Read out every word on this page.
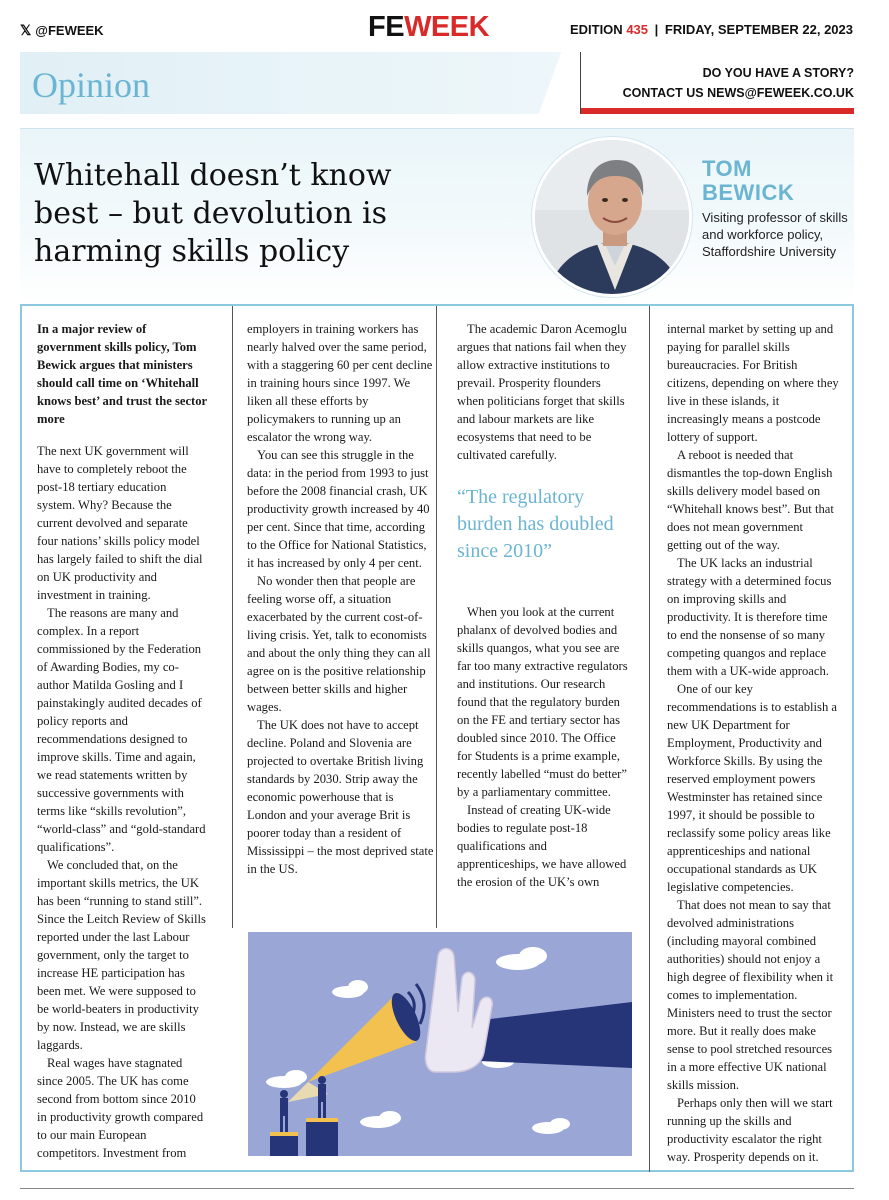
𝕏 @FEWEEK	FEWEEK	EDITION 435 | FRIDAY, SEPTEMBER 22, 2023
Opinion	DO YOU HAVE A STORY?
CONTACT US NEWS@FEWEEK.CO.UK
Whitehall doesn’t know best – but devolution is harming skills policy
TOM
BEWICK
Visiting professor of skills and workforce policy, Staffordshire University

In a major review of government skills policy, Tom Bewick argues that ministers should call time on ‘Whitehall knows best’ and trust the sector more

The next UK government will have to completely reboot the post-18 tertiary education system. Why? Because the current devolved and separate four nations’ skills policy model has largely failed to shift the dial on UK productivity and investment in training.

The reasons are many and complex. In a report commissioned by the Federation of Awarding Bodies, my co-author Matilda Gosling and I painstakingly audited decades of policy reports and recommendations designed to improve skills. Time and again, we read statements written by successive governments with terms like “skills revolution”, “world-class” and “gold-standard qualifications”.

We concluded that, on the important skills metrics, the UK has been “running to stand still”. Since the Leitch Review of Skills reported under the last Labour government, only the target to increase HE participation has been met. We were supposed to be world-beaters in productivity by now. Instead, we are skills laggards.

Real wages have stagnated since 2005. The UK has come second from bottom since 2010 in productivity growth compared to our main European competitors. Investment from

employers in training workers has nearly halved over the same period, with a staggering 60 per cent decline in training hours since 1997. We liken all these efforts by policymakers to running up an escalator the wrong way.

You can see this struggle in the data: in the period from 1993 to just before the 2008 financial crash, UK productivity growth increased by 40 per cent. Since that time, according to the Office for National Statistics, it has increased by only 4 per cent.

No wonder then that people are feeling worse off, a situation exacerbated by the current cost-of-living crisis. Yet, talk to economists and about the only thing they can all agree on is the positive relationship between better skills and higher wages.

The UK does not have to accept decline. Poland and Slovenia are projected to overtake British living standards by 2030. Strip away the economic powerhouse that is London and your average Brit is poorer today than a resident of Mississippi – the most deprived state in the US.

The academic Daron Acemoglu argues that nations fail when they allow extractive institutions to prevail. Prosperity flounders when politicians forget that skills and labour markets are like ecosystems that need to be cultivated carefully.

“The regulatory burden has doubled since 2010”

When you look at the current phalanx of devolved bodies and skills quangos, what you see are far too many extractive regulators and institutions. Our research found that the regulatory burden on the FE and tertiary sector has doubled since 2010. The Office for Students is a prime example, recently labelled “must do better” by a parliamentary committee.

Instead of creating UK-wide bodies to regulate post-18 qualifications and apprenticeships, we have allowed the erosion of the UK’s own

internal market by setting up and paying for parallel skills bureaucracies. For British citizens, depending on where they live in these islands, it increasingly means a postcode lottery of support.

A reboot is needed that dismantles the top-down English skills delivery model based on “Whitehall knows best”. But that does not mean government getting out of the way.

The UK lacks an industrial strategy with a determined focus on improving skills and productivity. It is therefore time to end the nonsense of so many competing quangos and replace them with a UK-wide approach.

One of our key recommendations is to establish a new UK Department for Employment, Productivity and Workforce Skills. By using the reserved employment powers Westminster has retained since 1997, it should be possible to reclassify some policy areas like apprenticeships and national occupational standards as UK legislative competencies.

That does not mean to say that devolved administrations (including mayoral combined authorities) should not enjoy a high degree of flexibility when it comes to implementation. Ministers need to trust the sector more. But it really does make sense to pool stretched resources in a more effective UK national skills mission.

Perhaps only then will we start running up the skills and productivity escalator the right way. Prosperity depends on it.
